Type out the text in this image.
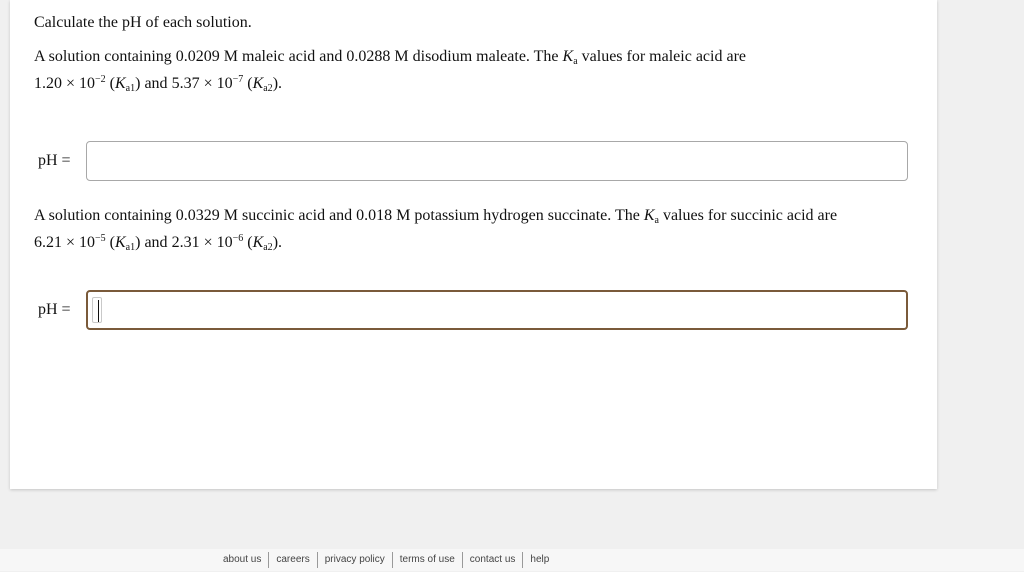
Calculate the pH of each solution.
A solution containing 0.0209 M maleic acid and 0.0288 M disodium maleate. The $K_a$ values for maleic acid are
$1.20 \times 10^{-2}$ $(K_{a1})$ and $5.37 \times 10^{-7}$ $(K_{a2})$.
pH =
A solution containing 0.0329 M succinic acid and 0.018 M potassium hydrogen succinate. The $K_a$ values for succinic acid are
$6.21 \times 10^{-5}$ $(K_{a1})$ and $2.31 \times 10^{-6}$ $(K_{a2})$.
pH =
about us	careers	privacy policy	terms of use	contact us	help
